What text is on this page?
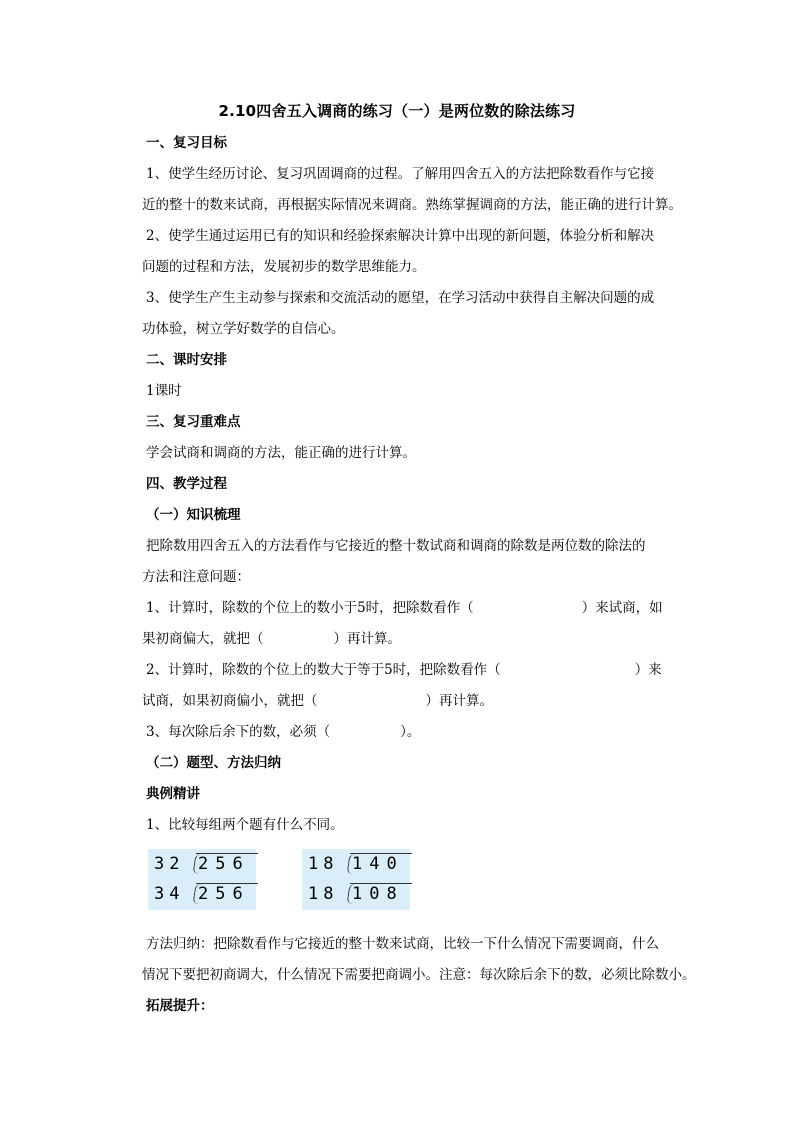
2.10四舍五入调商的练习（一）是两位数的除法练习
一、复习目标
1、使学生经历讨论、复习巩固调商的过程。了解用四舍五入的方法把除数看作与它接
近的整十的数来试商，再根据实际情况来调商。熟练掌握调商的方法，能正确的进行计算。
2、使学生通过运用已有的知识和经验探索解决计算中出现的新问题，体验分析和解决
问题的过程和方法，发展初步的数学思维能力。
3、使学生产生主动参与探索和交流活动的愿望，在学习活动中获得自主解决问题的成
功体验，树立学好数学的自信心。
二、课时安排
1课时
三、复习重难点
学会试商和调商的方法，能正确的进行计算。
四、教学过程
（一）知识梳理
把除数用四舍五入的方法看作与它接近的整十数试商和调商的除数是两位数的除法的
方法和注意问题：
1、计算时，除数的个位上的数小于5时，把除数看作（	）来试商，如
果初商偏大，就把（	）再计算。
2、计算时，除数的个位上的数大于等于5时，把除数看作（	）来
试商，如果初商偏小，就把（	）再计算。
3、每次除后余下的数，必须（	）。
（二）题型、方法归纳
典例精讲
1、比较每组两个题有什么不同。
32 256
34 256
18 140
18 108
方法归纳：把除数看作与它接近的整十数来试商，比较一下什么情况下需要调商，什么
情况下要把初商调大，什么情况下需要把商调小。注意：每次除后余下的数，必须比除数小。
拓展提升：
